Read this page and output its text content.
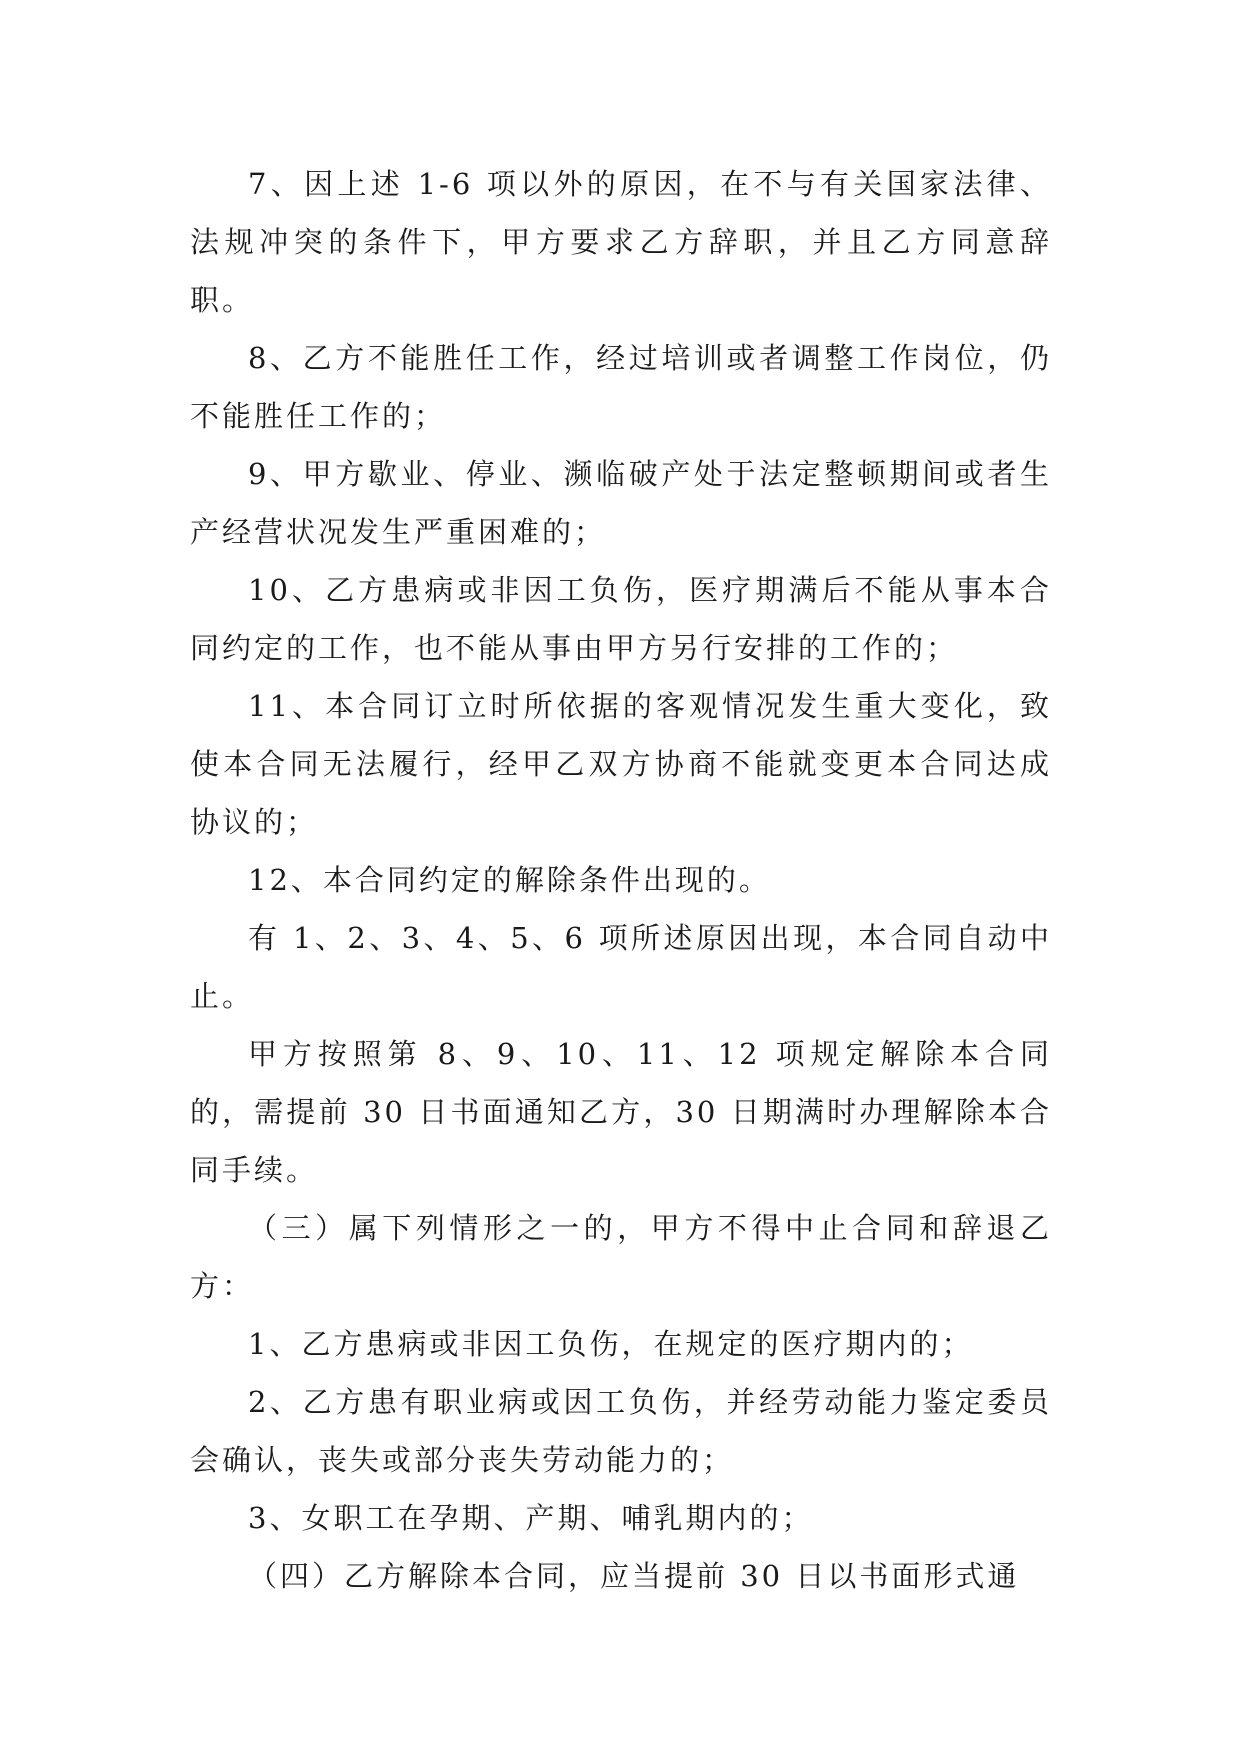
7、因上述 1-6 项以外的原因，在不与有关国家法律、法规冲突的条件下，甲方要求乙方辞职，并且乙方同意辞职。

8、乙方不能胜任工作，经过培训或者调整工作岗位，仍不能胜任工作的；

9、甲方歇业、停业、濒临破产处于法定整顿期间或者生产经营状况发生严重困难的；

10、乙方患病或非因工负伤，医疗期满后不能从事本合同约定的工作，也不能从事由甲方另行安排的工作的；

11、本合同订立时所依据的客观情况发生重大变化，致使本合同无法履行，经甲乙双方协商不能就变更本合同达成协议的；

12、本合同约定的解除条件出现的。

有 1、2、3、4、5、6 项所述原因出现，本合同自动中止。

甲方按照第 8、9、10、11、12 项规定解除本合同的，需提前 30 日书面通知乙方，30 日期满时办理解除本合同手续。

（三）属下列情形之一的，甲方不得中止合同和辞退乙方：

1、乙方患病或非因工负伤，在规定的医疗期内的；

2、乙方患有职业病或因工负伤，并经劳动能力鉴定委员会确认，丧失或部分丧失劳动能力的；

3、女职工在孕期、产期、哺乳期内的；

（四）乙方解除本合同，应当提前 30 日以书面形式通
